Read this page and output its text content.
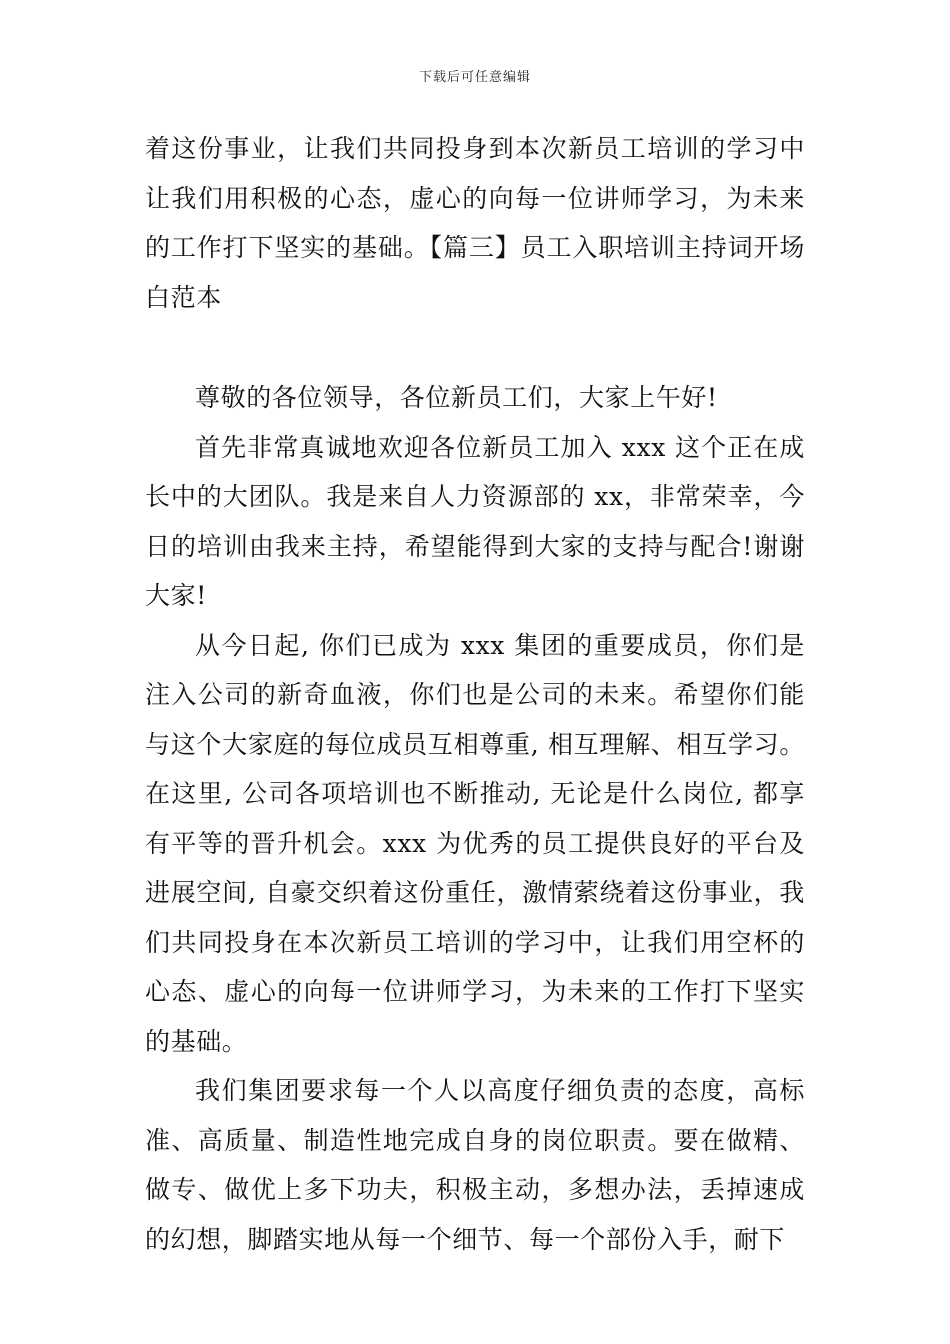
下载后可任意编辑

着这份事业，让我们共同投身到本次新员工培训的学习中让我们用积极的心态，虚心的向每一位讲师学习，为未来的工作打下坚实的基础。【篇三】员工入职培训主持词开场白范本

尊敬的各位领导，各位新员工们，大家上午好!

首先非常真诚地欢迎各位新员工加入 xxx 这个正在成长中的大团队。我是来自人力资源部的 xx，非常荣幸，今日的培训由我来主持，希望能得到大家的支持与配合!谢谢大家!

从今日起, 你们已成为 xxx 集团的重要成员，你们是注入公司的新奇血液，你们也是公司的未来。希望你们能与这个大家庭的每位成员互相尊重, 相互理解、相互学习。在这里, 公司各项培训也不断推动, 无论是什么岗位, 都享有平等的晋升机会。xxx 为优秀的员工提供良好的平台及进展空间, 自豪交织着这份重任，激情萦绕着这份事业，我们共同投身在本次新员工培训的学习中，让我们用空杯的心态、虚心的向每一位讲师学习，为未来的工作打下坚实的基础。

我们集团要求每一个人以高度仔细负责的态度，高标准、高质量、制造性地完成自身的岗位职责。要在做精、做专、做优上多下功夫，积极主动，多想办法，丢掉速成的幻想，脚踏实地从每一个细节、每一个部份入手，耐下
